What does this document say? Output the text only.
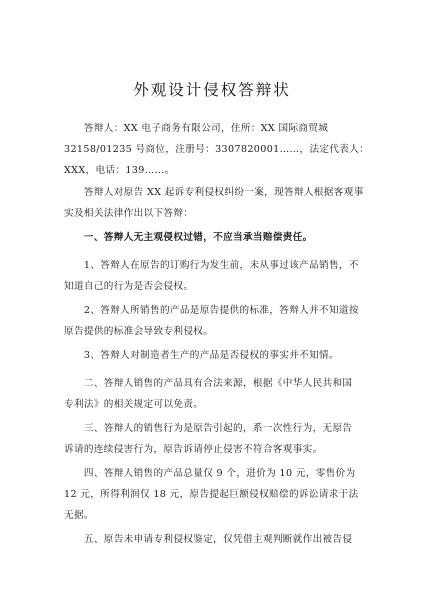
外观设计侵权答辩状
　　答辩人：XX 电子商务有限公司，住所：XX 国际商贸城
32158/01235 号商位，注册号：3307820001……，法定代表人：
XXX，电话：139……。
　　答辩人对原告 XX 起诉专利侵权纠纷一案，现答辩人根据客观事
实及相关法律作出以下答辩：
　　一、答辩人无主观侵权过错，不应当承当赔偿责任。
　　1、答辩人在原告的订购行为发生前，未从事过该产品销售，不
知道自己的行为是否会侵权。
　　2、答辩人所销售的产品是原告提供的标准，答辩人并不知道按
原告提供的标准会导致专利侵权。
　　3、答辩人对制造者生产的产品是否侵权的事实并不知情。
　　二、答辩人销售的产品具有合法来源，根据《中华人民共和国
专利法》的相关规定可以免责。
　　三、答辩人的销售行为是原告引起的，系一次性行为，无原告
诉请的连续侵害行为，原告诉请停止侵害不符合客观事实。
　　四、答辩人销售的产品总量仅 9 个，进价为 10 元，零售价为
12 元，所得利润仅 18 元，原告提起巨额侵权赔偿的诉讼请求于法
无据。
　　五、原告未申请专利侵权鉴定，仅凭借主观判断就作出被告侵
